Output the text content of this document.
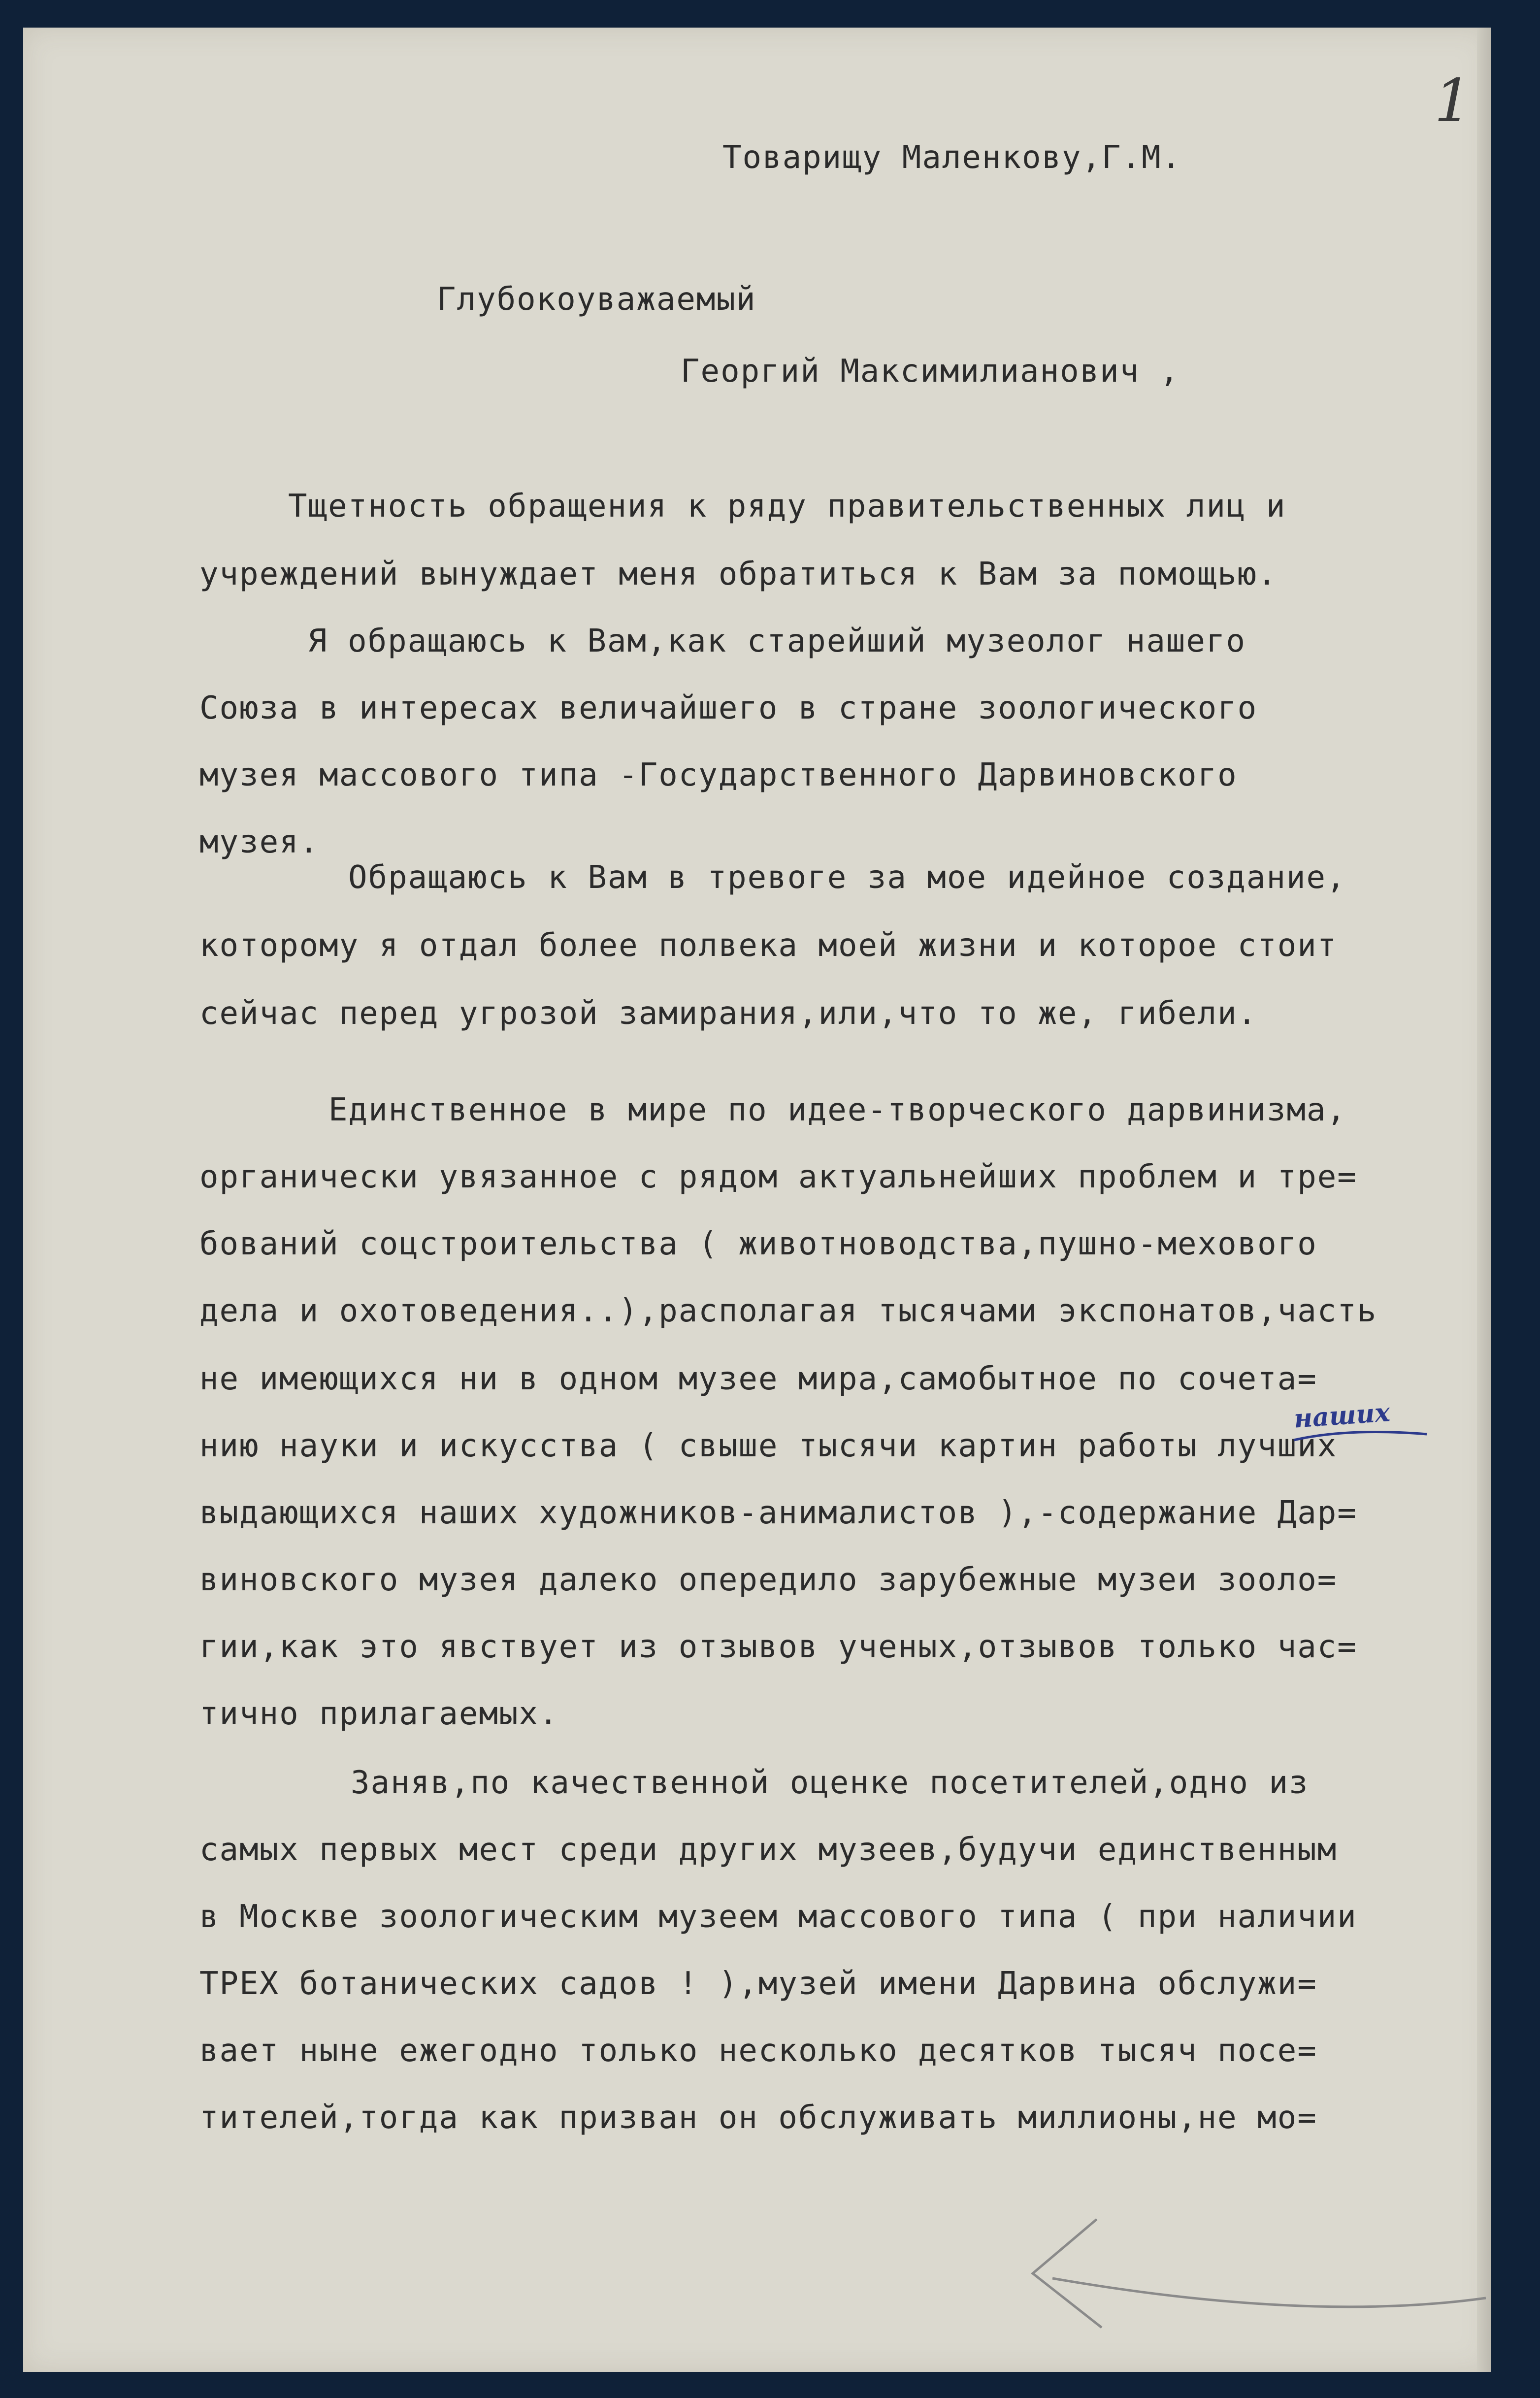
1
Товарищу Маленкову,Г.М.
Глубокоуважаемый
Георгий Максимилианович ,
Тщетность обращения к ряду правительственных лиц и
учреждений вынуждает меня обратиться к Вам за помощью.
Я обращаюсь к Вам,как старейший музеолог нашего
Союза в интересах величайшего в стране зоологического
музея массового типа -Государственного Дарвиновского
музея.
Обращаюсь к Вам в тревоге за мое идейное создание,
которому я отдал более полвека моей жизни и которое стоит
сейчас перед угрозой замирания,или,что то же, гибели.
Единственное в мире по идее-творческого дарвинизма,
органически увязанное с рядом актуальнейших проблем и тре=
бований соцстроительства ( животноводства,пушно-мехового
дела и охотоведения..),располагая тысячами экспонатов,часть
не имеющихся ни в одном музее мира,самобытное по сочета=
нию науки и искусства ( свыше тысячи картин работы лучших
выдающихся наших художников-анималистов ),-содержание Дар=
виновского музея далеко опередило зарубежные музеи зооло=
гии,как это явствует из отзывов ученых,отзывов только час=
тично прилагаемых.
Заняв,по качественной оценке посетителей,одно из
самых первых мест среди других музеев,будучи единственным
в Москве зоологическим музеем массового типа ( при наличии
ТРЕХ ботанических садов ! ),музей имени Дарвина обслужи=
вает ныне ежегодно только несколько десятков тысяч посе=
тителей,тогда как призван он обслуживать миллионы,не мо=
наших
